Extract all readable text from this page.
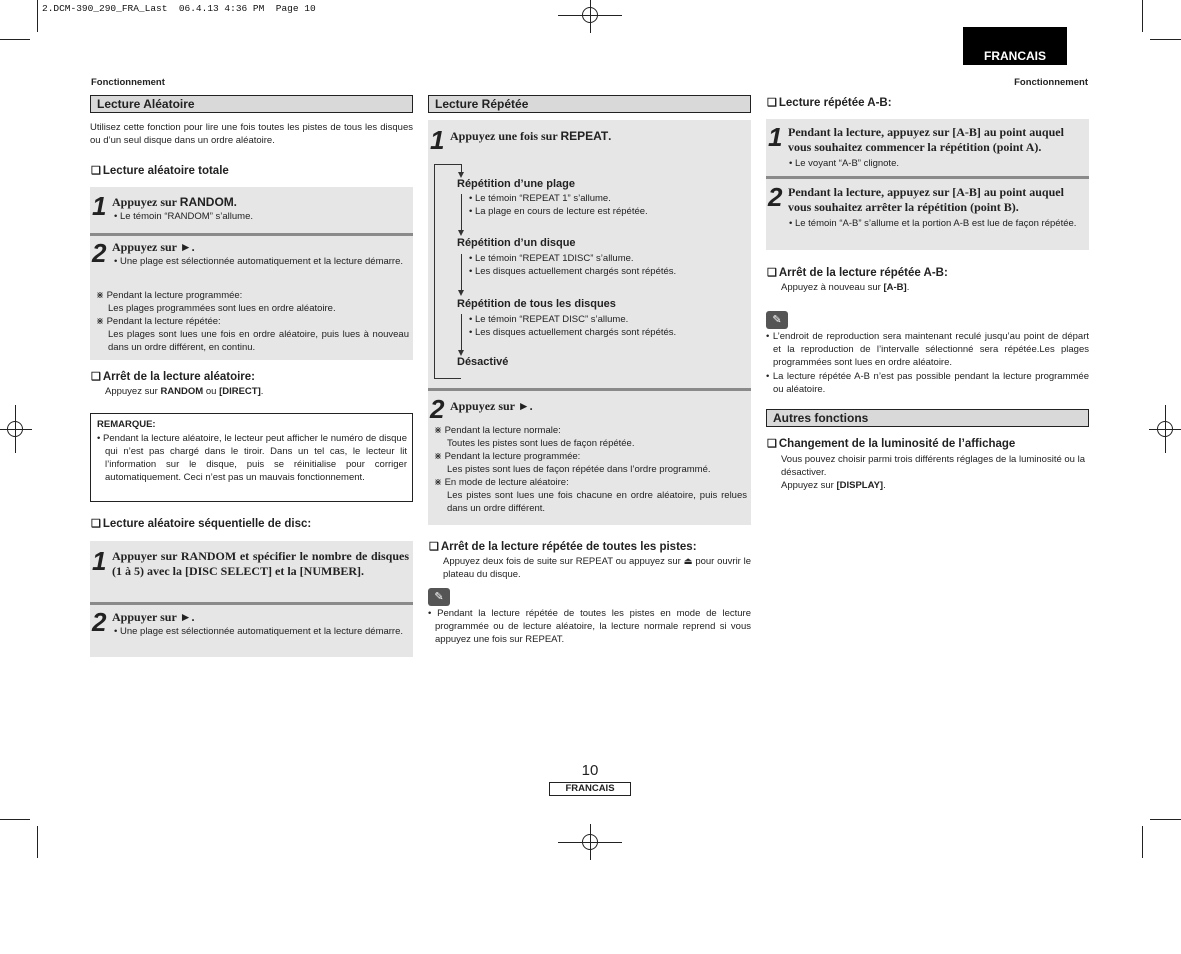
2.DCM-390_290_FRA_Last  06.4.13 4:36 PM  Page 10
FRANCAIS
Fonctionnement	Fonctionnement
Lecture Aléatoire
Utilisez cette fonction pour lire une fois toutes les pistes de tous les disques ou d’un seul disque dans un ordre aléatoire.
❑ Lecture aléatoire totale
1 Appuyez sur RANDOM.
• Le témoin “RANDOM” s’allume.
2 Appuyez sur ►.
• Une plage est sélectionnée automatiquement et la lecture démarre.
⋇ Pendant la lecture programmée:
Les plages programmées sont lues en ordre aléatoire.
⋇ Pendant la lecture répétée:
Les plages sont lues une fois en ordre aléatoire, puis lues à nouveau dans un ordre différent, en continu.
❑ Arrêt de la lecture aléatoire:
Appuyez sur RANDOM ou [DIRECT].
REMARQUE:
• Pendant la lecture aléatoire, le lecteur peut afficher le numéro de disque qui n’est pas chargé dans le tiroir. Dans un tel cas, le lecteur lit l’information sur le disque, puis se réinitialise pour corriger automatiquement. Ceci n’est pas un mauvais fonctionnement.
❑ Lecture aléatoire séquentielle de disc:
1 Appuyer sur RANDOM et spécifier le nombre de disques (1 à 5) avec la [DISC SELECT] et la [NUMBER].
2 Appuyer sur ►.
• Une plage est sélectionnée automatiquement et la lecture démarre.
Lecture Répétée
1 Appuyez une fois sur REPEAT.
Répétition d’une plage
• Le témoin “REPEAT 1” s’allume.
• La plage en cours de lecture est répétée.
Répétition d’un disque
• Le témoin “REPEAT 1DISC” s’allume.
• Les disques actuellement chargés sont répétés.
Répétition de tous les disques
• Le témoin “REPEAT DISC” s’allume.
• Les disques actuellement chargés sont répétés.
Désactivé
2 Appuyez sur ►.
⋇ Pendant la lecture normale:
Toutes les pistes sont lues de façon répétée.
⋇ Pendant la lecture programmée:
Les pistes sont lues de façon répétée dans l’ordre programmé.
⋇ En mode de lecture aléatoire:
Les pistes sont lues une fois chacune en ordre aléatoire, puis relues dans un ordre différent.
❑ Arrêt de la lecture répétée de toutes les pistes:
Appuyez deux fois de suite sur REPEAT ou appuyez sur ⏏ pour ouvrir le plateau du disque.
✎
• Pendant la lecture répétée de toutes les pistes en mode de lecture programmée ou de lecture aléatoire, la lecture normale reprend si vous appuyez une fois sur REPEAT.
❑ Lecture répétée A-B:
1 Pendant la lecture, appuyez sur [A-B] au point auquel vous souhaitez commencer la répétition (point A).
• Le voyant “A-B” clignote.
2 Pendant la lecture, appuyez sur [A-B] au point auquel vous souhaitez arrêter la répétition (point B).
• Le témoin “A-B” s’allume et la portion A-B est lue de façon répétée.
❑ Arrêt de la lecture répétée A-B:
Appuyez à nouveau sur [A-B].
✎
• L’endroit de reproduction sera maintenant reculé jusqu’au point de départ et la reproduction de l’intervalle sélectionné sera répétée.Les plages programmées sont lues en ordre aléatoire.
• La lecture répétée A-B n’est pas possible pendant la lecture programmée ou aléatoire.
Autres fonctions
❑ Changement de la luminosité de l’affichage
Vous pouvez choisir parmi trois différents réglages de la luminosité ou la désactiver.
Appuyez sur [DISPLAY].
10
FRANCAIS
